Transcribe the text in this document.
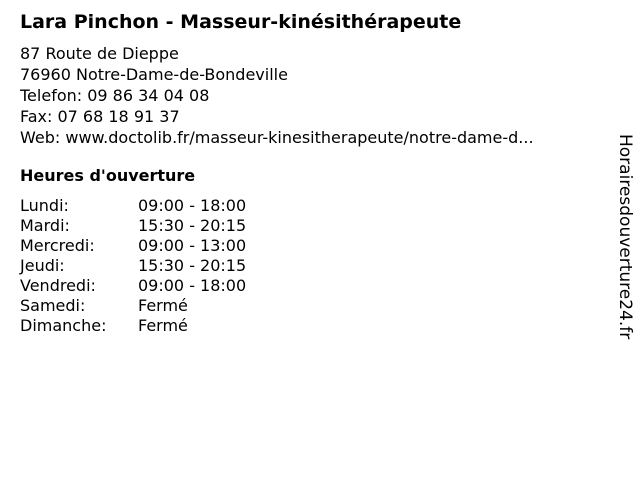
Lara Pinchon - Masseur-kinésithérapeute
87 Route de Dieppe
76960 Notre-Dame-de-Bondeville
Telefon: 09 86 34 04 08
Fax: 07 68 18 91 37
Web: www.doctolib.fr/masseur-kinesitherapeute/notre-dame-d...
Heures d'ouverture
Lundi:	09:00 - 18:00
Mardi:	15:30 - 20:15
Mercredi:	09:00 - 13:00
Jeudi:	15:30 - 20:15
Vendredi:	09:00 - 18:00
Samedi:	Fermé
Dimanche:	Fermé	Horairesdouverture24.fr
